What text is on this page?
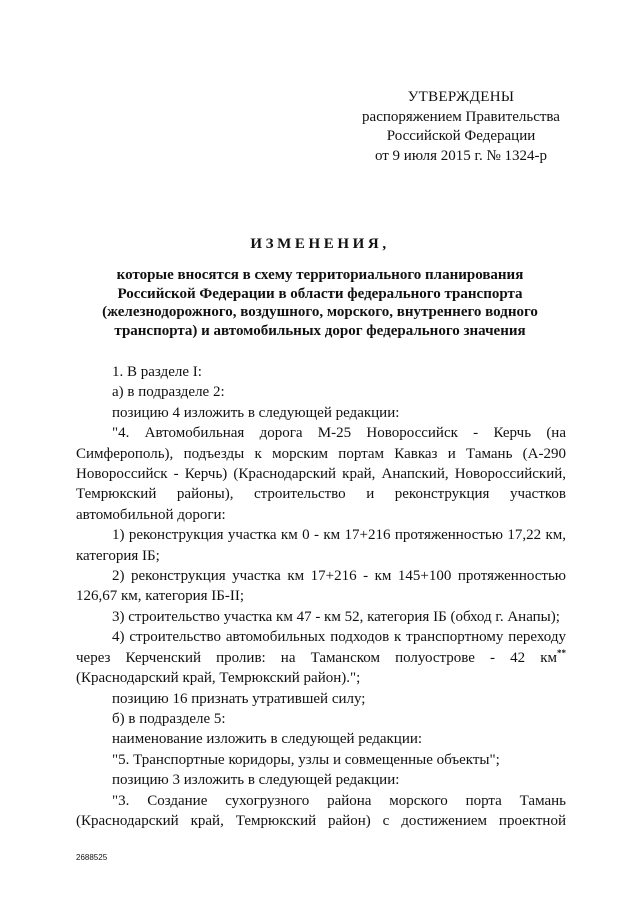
УТВЕРЖДЕНЫ
распоряжением Правительства
Российской Федерации
от 9 июля 2015 г. № 1324-р
ИЗМЕНЕНИЯ,
которые вносятся в схему территориального планирования
Российской Федерации в области федерального транспорта
(железнодорожного, воздушного, морского, внутреннего водного
транспорта) и автомобильных дорог федерального значения

1. В разделе I:

а) в подразделе 2:

позицию 4 изложить в следующей редакции:

"4. Автомобильная дорога М-25 Новороссийск - Керчь (на Симферополь), подъезды к морским портам Кавказ и Тамань (А-290 Новороссийск - Керчь) (Краснодарский край, Анапский, Новороссийский, Темрюкский районы), строительство и реконструкция участков автомобильной дороги:

1) реконструкция участка км 0 - км 17+216 протяженностью 17,22 км, категория IБ;

2) реконструкция участка км 17+216 - км 145+100 протяженностью 126,67 км, категория IБ-II;

3) строительство участка км 47 - км 52, категория IБ (обход г. Анапы);

4) строительство автомобильных подходов к транспортному переходу через Керченский пролив: на Таманском полуострове - 42 км** (Краснодарский край, Темрюкский район).";

позицию 16 признать утратившей силу;

б) в подразделе 5:

наименование изложить в следующей редакции:

"5. Транспортные коридоры, узлы и совмещенные объекты";

позицию 3 изложить в следующей редакции:

"3. Создание сухогрузного района морского порта Тамань (Краснодарский край, Темрюкский район) с достижением проектной

2688525
